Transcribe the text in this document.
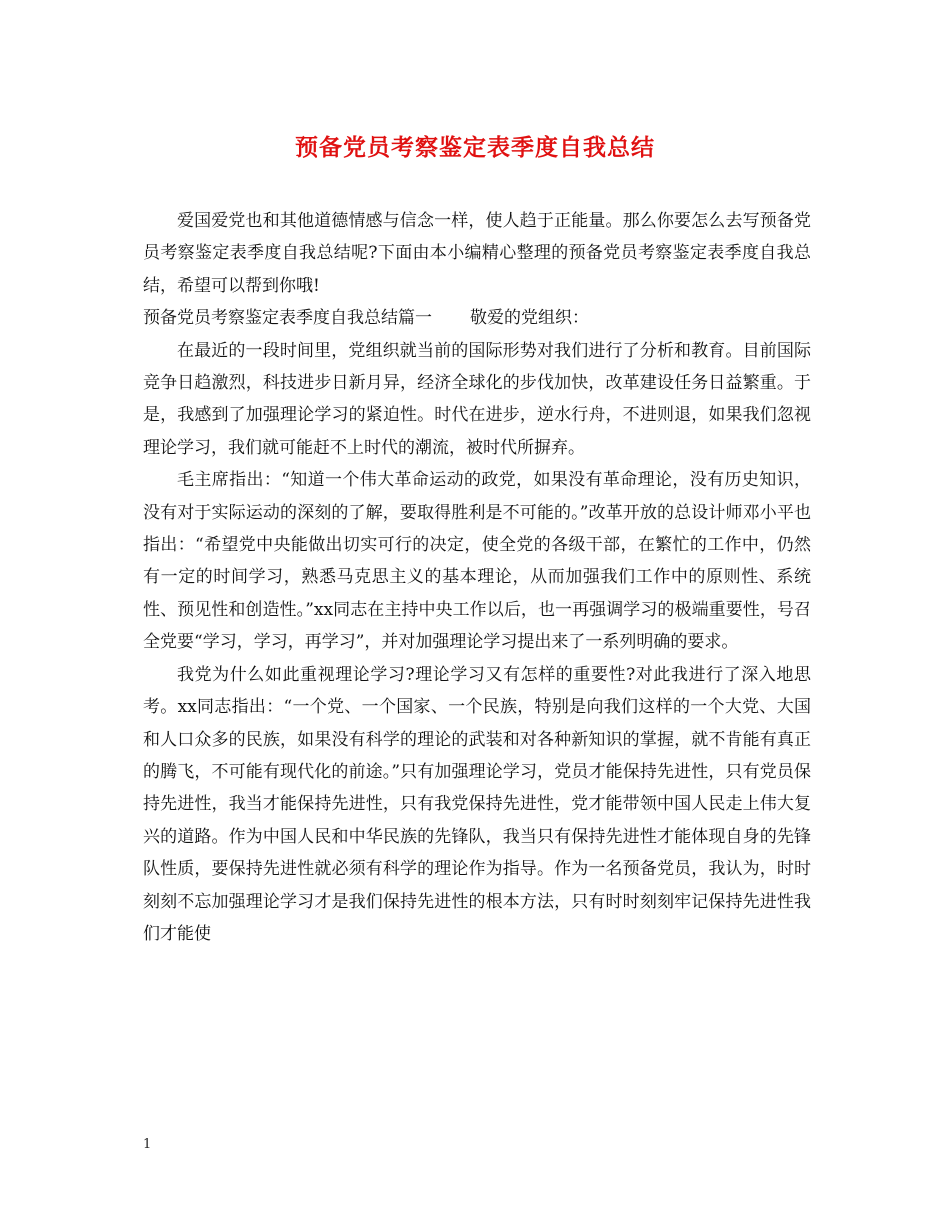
预备党员考察鉴定表季度自我总结

爱国爱党也和其他道德情感与信念一样，使人趋于正能量。那么你要怎么去写预备党员考察鉴定表季度自我总结呢?下面由本小编精心整理的预备党员考察鉴定表季度自我总结，希望可以帮到你哦!

预备党员考察鉴定表季度自我总结篇一 敬爱的党组织：

在最近的一段时间里，党组织就当前的国际形势对我们进行了分析和教育。目前国际竞争日趋激烈，科技进步日新月异，经济全球化的步伐加快，改革建设任务日益繁重。于是，我感到了加强理论学习的紧迫性。时代在进步，逆水行舟，不进则退，如果我们忽视理论学习，我们就可能赶不上时代的潮流，被时代所摒弃。

毛主席指出：“知道一个伟大革命运动的政党，如果没有革命理论，没有历史知识，没有对于实际运动的深刻的了解，要取得胜利是不可能的。”改革开放的总设计师邓小平也指出：“希望党中央能做出切实可行的决定，使全党的各级干部，在繁忙的工作中，仍然有一定的时间学习，熟悉马克思主义的基本理论，从而加强我们工作中的原则性、系统性、预见性和创造性。”xx同志在主持中央工作以后，也一再强调学习的极端重要性，号召全党要“学习，学习，再学习”，并对加强理论学习提出来了一系列明确的要求。

我党为什么如此重视理论学习?理论学习又有怎样的重要性?对此我进行了深入地思考。xx同志指出：“一个党、一个国家、一个民族，特别是向我们这样的一个大党、大国和人口众多的民族，如果没有科学的理论的武装和对各种新知识的掌握，就不肯能有真正的腾飞，不可能有现代化的前途。”只有加强理论学习，党员才能保持先进性，只有党员保持先进性，我当才能保持先进性，只有我党保持先进性，党才能带领中国人民走上伟大复兴的道路。作为中国人民和中华民族的先锋队，我当只有保持先进性才能体现自身的先锋队性质，要保持先进性就必须有科学的理论作为指导。作为一名预备党员，我认为，时时刻刻不忘加强理论学习才是我们保持先进性的根本方法，只有时时刻刻牢记保持先进性我们才能使

1
